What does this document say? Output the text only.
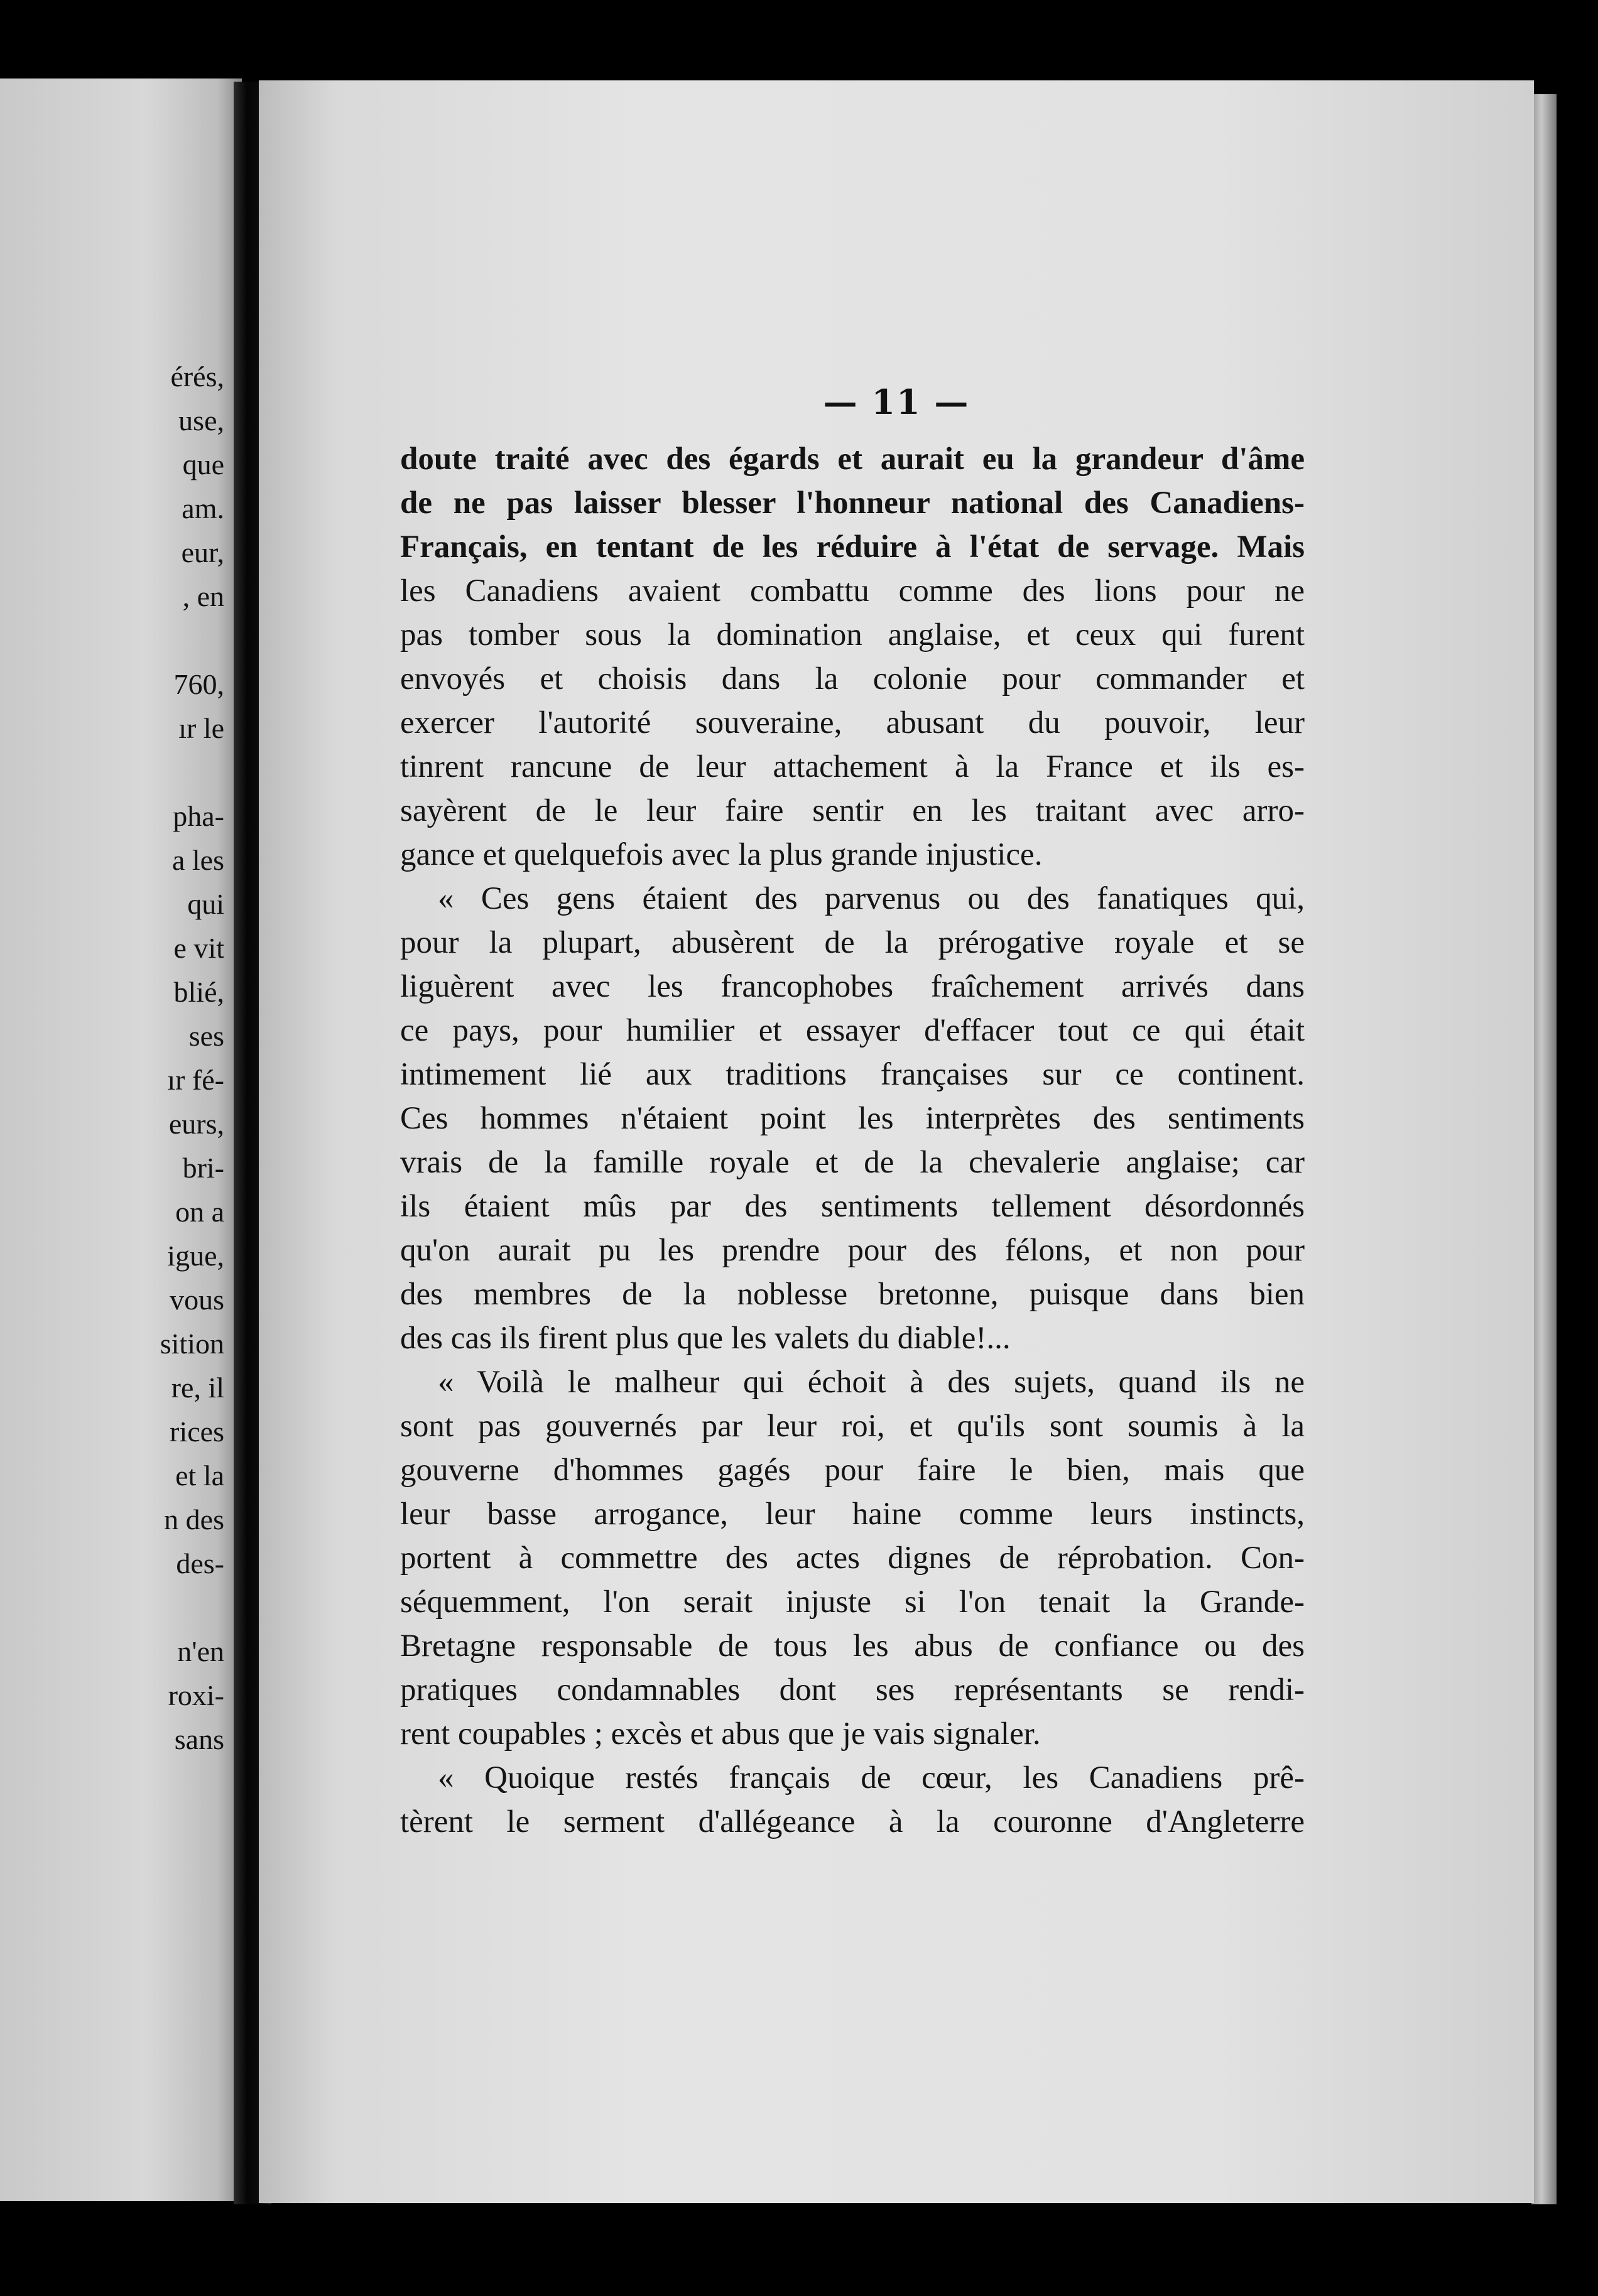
érés,
use,
que
am.
eur,
, en
760,
ır le
pha-
a les
qui
e vit
blié,
ses
ır fé-
eurs,
bri-
on a
igue,
vous
sition
re, il
rices
et la
n des
des-
n'en
roxi-
sans
— 11 —
doute traité avec des égards et aurait eu la grandeur d'âme
de ne pas laisser blesser l'honneur national des Canadiens-
Français, en tentant de les réduire à l'état de servage. Mais
les Canadiens avaient combattu comme des lions pour ne
pas tomber sous la domination anglaise, et ceux qui furent
envoyés et choisis dans la colonie pour commander et
exercer l'autorité souveraine, abusant du pouvoir, leur
tinrent rancune de leur attachement à la France et ils es-
sayèrent de le leur faire sentir en les traitant avec arro-
gance et quelquefois avec la plus grande injustice.
« Ces gens étaient des parvenus ou des fanatiques qui,
pour la plupart, abusèrent de la prérogative royale et se
liguèrent avec les francophobes fraîchement arrivés dans
ce pays, pour humilier et essayer d'effacer tout ce qui était
intimement lié aux traditions françaises sur ce continent.
Ces hommes n'étaient point les interprètes des sentiments
vrais de la famille royale et de la chevalerie anglaise; car
ils étaient mûs par des sentiments tellement désordonnés
qu'on aurait pu les prendre pour des félons, et non pour
des membres de la noblesse bretonne, puisque dans bien
des cas ils firent plus que les valets du diable!...
« Voilà le malheur qui échoit à des sujets, quand ils ne
sont pas gouvernés par leur roi, et qu'ils sont soumis à la
gouverne d'hommes gagés pour faire le bien, mais que
leur basse arrogance, leur haine comme leurs instincts,
portent à commettre des actes dignes de réprobation. Con-
séquemment, l'on serait injuste si l'on tenait la Grande-
Bretagne responsable de tous les abus de confiance ou des
pratiques condamnables dont ses représentants se rendi-
rent coupables ; excès et abus que je vais signaler.
« Quoique restés français de cœur, les Canadiens prê-
tèrent le serment d'allégeance à la couronne d'Angleterre
